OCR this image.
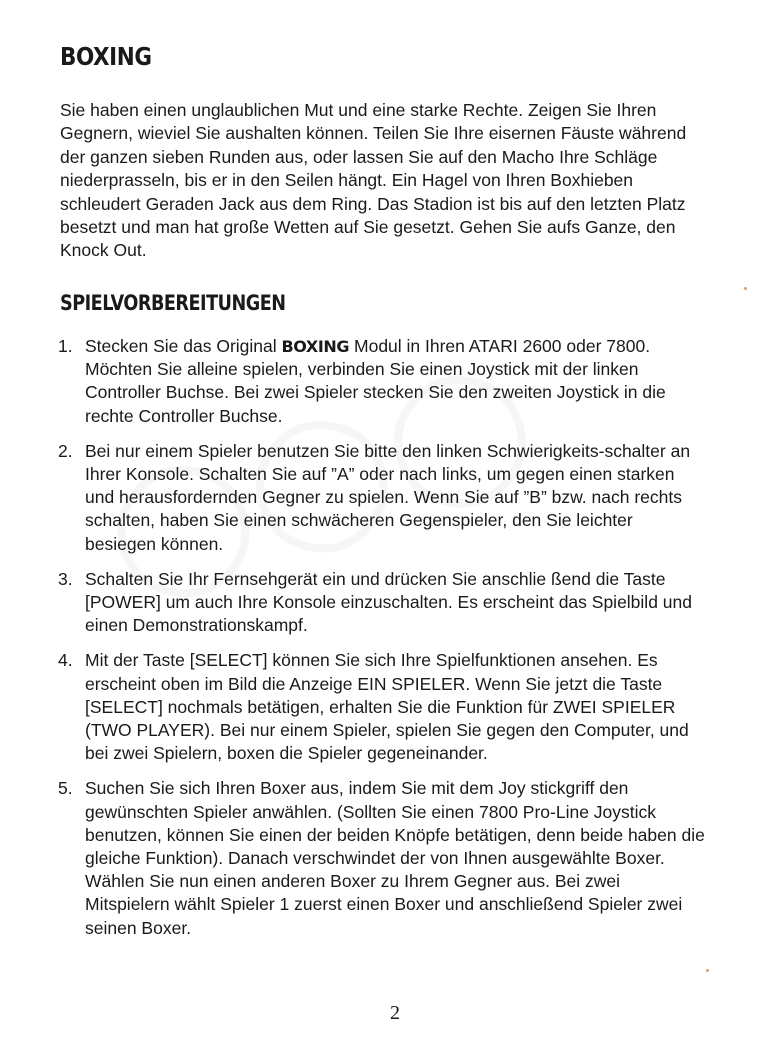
BOXING

Sie haben einen unglaublichen Mut und eine starke Rechte. Zeigen Sie Ihren Gegnern, wieviel Sie aushalten können. Teilen Sie Ihre eisernen Fäuste während der ganzen sieben Runden aus, oder lassen Sie auf den Macho Ihre Schläge niederprasseln, bis er in den Seilen hängt. Ein Hagel von Ihren Boxhieben schleudert Geraden Jack aus dem Ring. Das Stadion ist bis auf den letzten Platz besetzt und man hat große Wetten auf Sie gesetzt. Gehen Sie aufs Ganze, den Knock Out.

SPIELVORBEREITUNGEN
1. Stecken Sie das Original BOXING Modul in Ihren ATARI 2600 oder 7800. Möchten Sie alleine spielen, verbinden Sie einen Joystick mit der linken Controller Buchse. Bei zwei Spieler stecken Sie den zweiten Joystick in die rechte Controller Buchse.
2. Bei nur einem Spieler benutzen Sie bitte den linken Schwierigkeits-schalter an Ihrer Konsole. Schalten Sie auf ”A” oder nach links, um gegen einen starken und herausfordernden Gegner zu spielen. Wenn Sie auf ”B” bzw. nach rechts schalten, haben Sie einen schwächeren Gegenspieler, den Sie leichter besiegen können.
3. Schalten Sie Ihr Fernsehgerät ein und drücken Sie anschlie ßend die Taste [POWER] um auch Ihre Konsole einzuschalten. Es erscheint das Spielbild und einen Demonstrationskampf.
4. Mit der Taste [SELECT] können Sie sich Ihre Spielfunktionen ansehen. Es erscheint oben im Bild die Anzeige EIN SPIELER. Wenn Sie jetzt die Taste [SELECT] nochmals betätigen, erhalten Sie die Funktion für ZWEI SPIELER (TWO PLAYER). Bei nur einem Spieler, spielen Sie gegen den Computer, und bei zwei Spielern, boxen die Spieler gegeneinander.
5. Suchen Sie sich Ihren Boxer aus, indem Sie mit dem Joy stickgriff den gewünschten Spieler anwählen. (Sollten Sie einen 7800 Pro-Line Joystick benutzen, können Sie einen der beiden Knöpfe betätigen, denn beide haben die gleiche Funktion). Danach verschwindet der von Ihnen ausgewählte Boxer. Wählen Sie nun einen anderen Boxer zu Ihrem Gegner aus. Bei zwei Mitspielern wählt Spieler 1 zuerst einen Boxer und anschließend Spieler zwei seinen Boxer.
2
